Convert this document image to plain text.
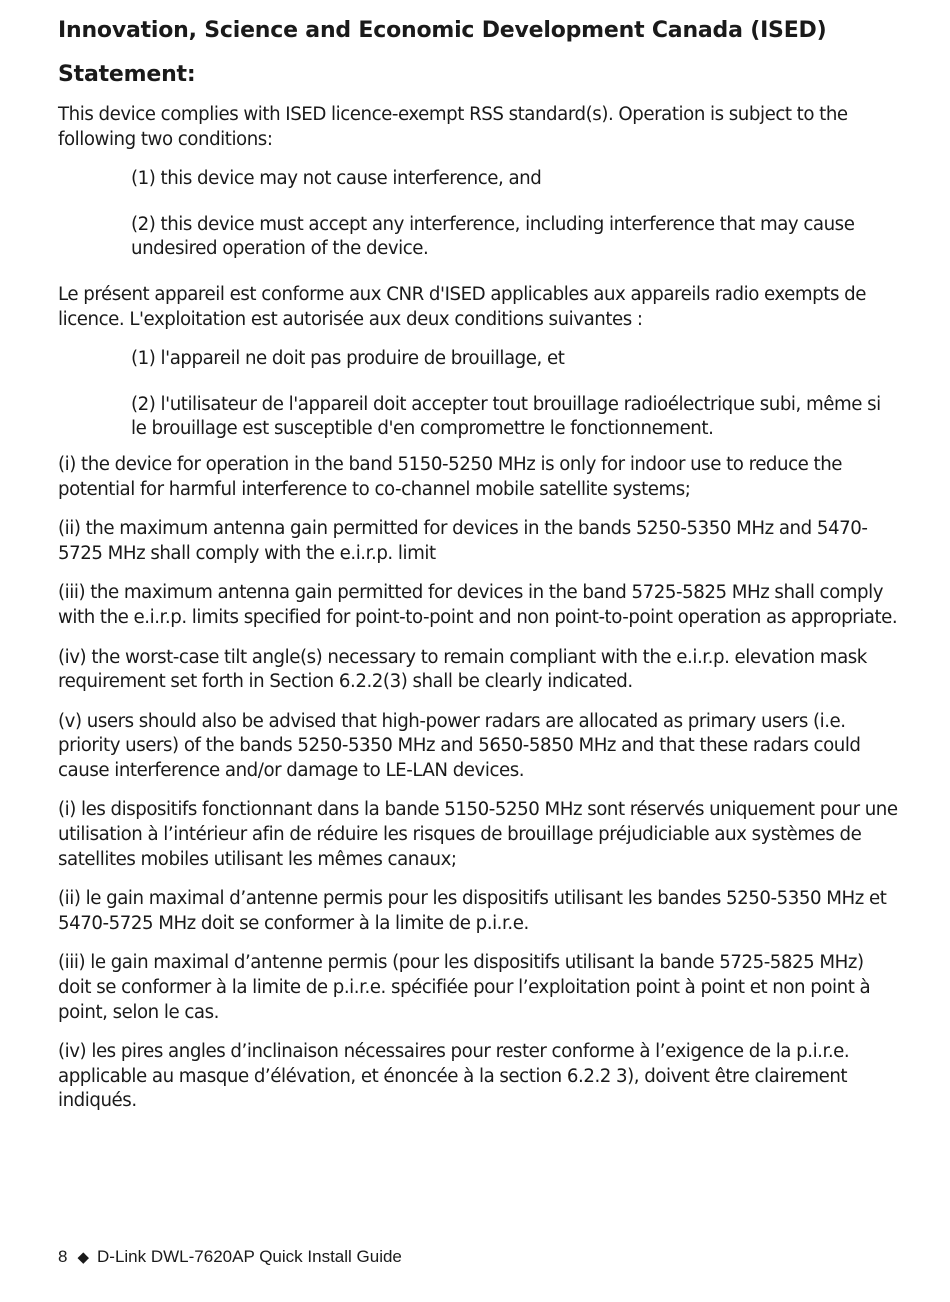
Innovation, Science and Economic Development Canada (ISED)
Statement:

This device complies with ISED licence-exempt RSS standard(s). Operation is subject to the following two conditions:

(1) this device may not cause interference, and

(2) this device must accept any interference, including interference that may cause undesired operation of the device.

Le présent appareil est conforme aux CNR d'ISED applicables aux appareils radio exempts de licence. L'exploitation est autorisée aux deux conditions suivantes :

(1) l'appareil ne doit pas produire de brouillage, et

(2) l'utilisateur de l'appareil doit accepter tout brouillage radioélectrique subi, même si le brouillage est susceptible d'en compromettre le fonctionnement.

(i) the device for operation in the band 5150-5250 MHz is only for indoor use to reduce the potential for harmful interference to co-channel mobile satellite systems;

(ii) the maximum antenna gain permitted for devices in the bands 5250-5350 MHz and 5470-5725 MHz shall comply with the e.i.r.p. limit

(iii) the maximum antenna gain permitted for devices in the band 5725-5825 MHz shall comply with the e.i.r.p. limits specified for point-to-point and non point-to-point operation as appropriate.

(iv) the worst-case tilt angle(s) necessary to remain compliant with the e.i.r.p. elevation mask requirement set forth in Section 6.2.2(3) shall be clearly indicated.

(v) users should also be advised that high-power radars are allocated as primary users (i.e. priority users) of the bands 5250-5350 MHz and 5650-5850 MHz and that these radars could cause interference and/or damage to LE-LAN devices.

(i) les dispositifs fonctionnant dans la bande 5150-5250 MHz sont réservés uniquement pour une utilisation à l’intérieur afin de réduire les risques de brouillage préjudiciable aux systèmes de satellites mobiles utilisant les mêmes canaux;

(ii) le gain maximal d’antenne permis pour les dispositifs utilisant les bandes 5250-5350 MHz et 5470-5725 MHz doit se conformer à la limite de p.i.r.e.

(iii) le gain maximal d’antenne permis (pour les dispositifs utilisant la bande 5725-5825 MHz) doit se conformer à la limite de p.i.r.e. spécifiée pour l’exploitation point à point et non point à point, selon le cas.

(iv) les pires angles d’inclinaison nécessaires pour rester conforme à l’exigence de la p.i.r.e. applicable au masque d’élévation, et énoncée à la section 6.2.2 3), doivent être clairement indiqués.

8 ◆ D-Link DWL-7620AP Quick Install Guide
